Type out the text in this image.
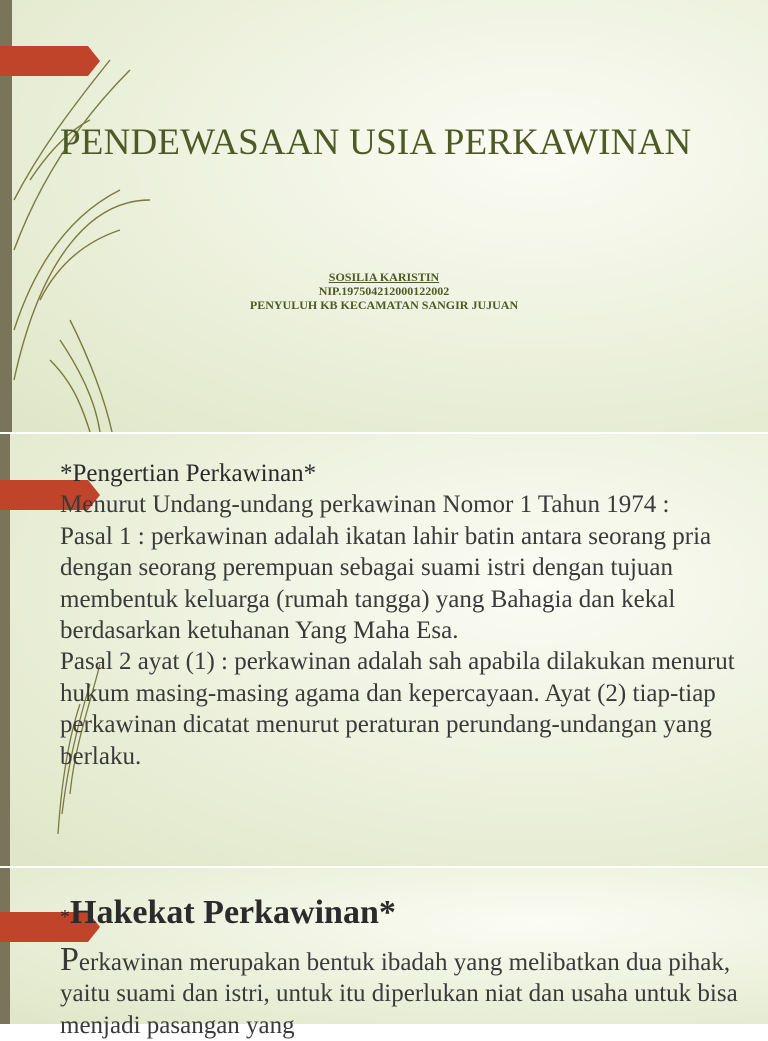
PENDEWASAAN USIA PERKAWINAN
SOSILIA KARISTIN
NIP.197504212000122002
PENYULUH KB KECAMATAN SANGIR JUJUAN
*Pengertian Perkawinan*

Menurut Undang-undang perkawinan Nomor 1 Tahun 1974 :

Pasal 1 : perkawinan adalah ikatan lahir batin antara seorang pria dengan seorang perempuan sebagai suami istri dengan tujuan membentuk keluarga (rumah tangga) yang Bahagia dan kekal berdasarkan ketuhanan Yang Maha Esa.

Pasal 2 ayat (1) : perkawinan adalah sah apabila dilakukan menurut hukum masing-masing agama dan kepercayaan. Ayat (2) tiap-tiap perkawinan dicatat menurut peraturan perundang-undangan yang berlaku.

*Hakekat Perkawinan*
Perkawinan merupakan bentuk ibadah yang melibatkan dua pihak, yaitu suami dan istri, untuk itu diperlukan niat dan usaha untuk bisa menjadi pasangan yang
